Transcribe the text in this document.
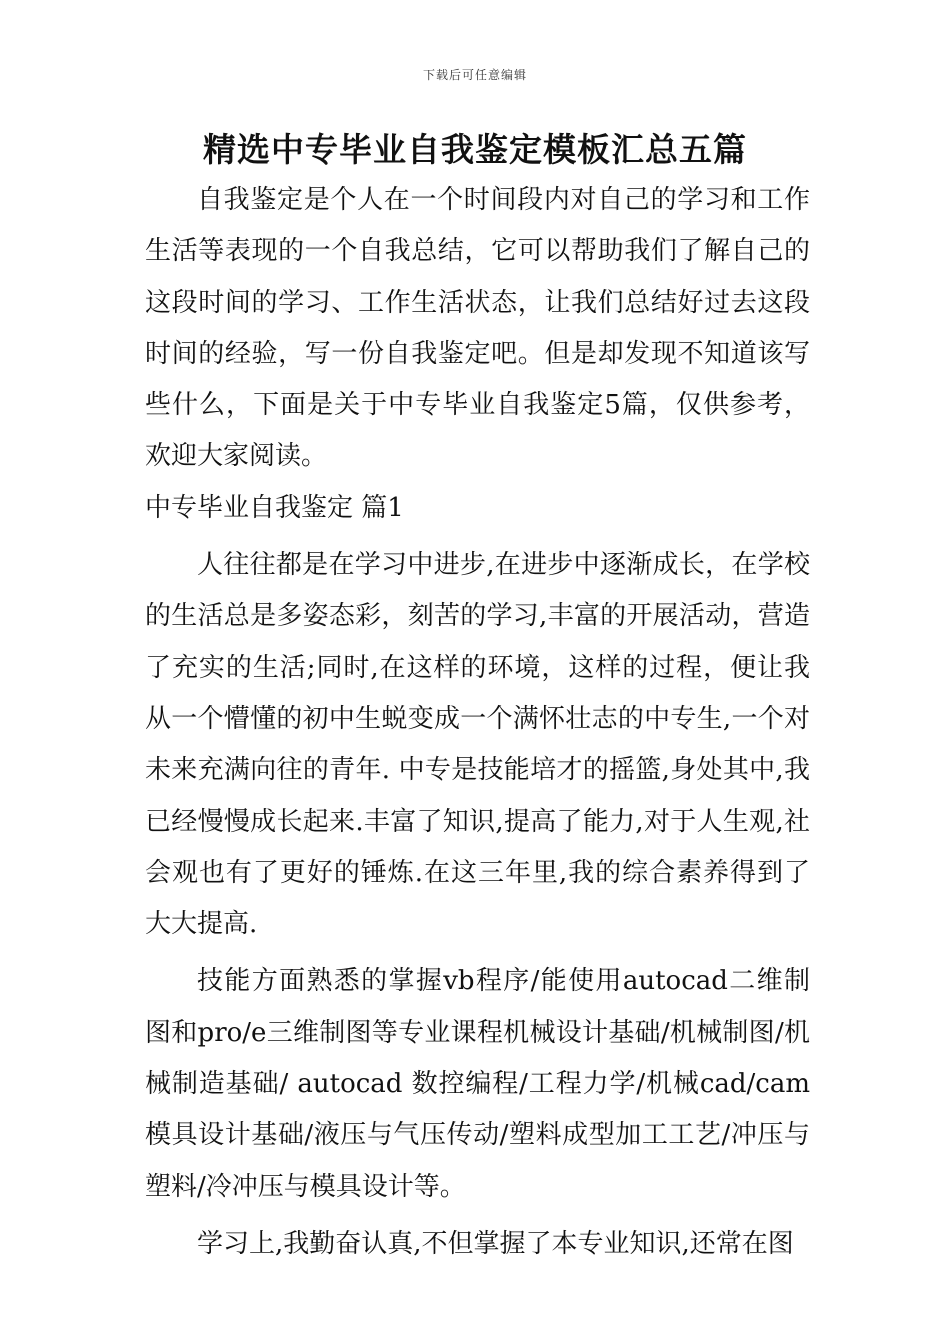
下载后可任意编辑
精选中专毕业自我鉴定模板汇总五篇

自我鉴定是个人在一个时间段内对自己的学习和工作生活等表现的一个自我总结，它可以帮助我们了解自己的这段时间的学习、工作生活状态，让我们总结好过去这段时间的经验，写一份自我鉴定吧。但是却发现不知道该写些什么，下面是关于中专毕业自我鉴定5篇，仅供参考，欢迎大家阅读。

中专毕业自我鉴定 篇1

人往往都是在学习中进步,在进步中逐渐成长，在学校的生活总是多姿态彩，刻苦的学习,丰富的开展活动，营造了充实的生活;同时,在这样的环境，这样的过程，便让我从一个懵懂的初中生蜕变成一个满怀壮志的中专生,一个对未来充满向往的青年. 中专是技能培才的摇篮,身处其中,我已经慢慢成长起来.丰富了知识,提高了能力,对于人生观,社会观也有了更好的锤炼.在这三年里,我的综合素养得到了大大提高.

技能方面熟悉的掌握vb程序/能使用autocad二维制图和pro/e三维制图等专业课程机械设计基础/机械制图/机械制造基础/ autocad 数控编程/工程力学/机械cad/cam 模具设计基础/液压与气压传动/塑料成型加工工艺/冲压与塑料/冷冲压与模具设计等。

学习上,我勤奋认真,不但掌握了本专业知识,还常在图
